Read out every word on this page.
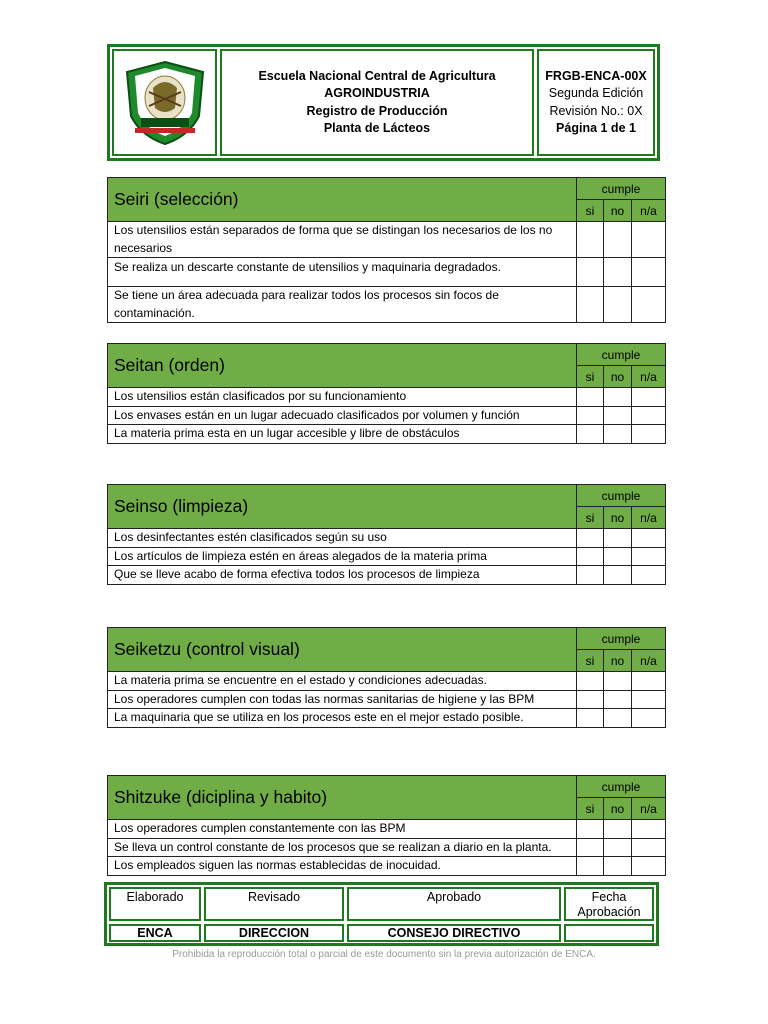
Escuela Nacional Central de Agricultura
AGROINDUSTRIA
Registro de Producción
Planta de Lácteos
FRGB-ENCA-00X
Segunda Edición
Revisión No.: 0X
Página 1 de 1
Seiri (selección)	cumple		
	si	no	n/a
Los utensilios están separados de forma que se distingan los necesarios de los no necesarios			
Se realiza un descarte constante de utensilios y maquinaria degradados.			
Se tiene un área adecuada para realizar todos los procesos sin focos de contaminación.			
Seitan (orden)	cumple		
	si	no	n/a
Los utensilios están clasificados por su funcionamiento			
Los envases están en un lugar adecuado clasificados por volumen y función			
La materia prima esta en un lugar accesible y libre de obstáculos			
Seinso (limpieza)	cumple		
	si	no	n/a
Los desinfectantes estén clasificados según su uso			
Los artículos de limpieza estén en áreas alegados de la materia prima			
Que se lleve acabo de forma efectiva todos los procesos de limpieza			
Seiketzu (control visual)	cumple		
	si	no	n/a
La materia prima se encuentre en el estado y condiciones adecuadas.			
Los operadores cumplen con todas las normas sanitarias de higiene y las BPM			
La maquinaria que se utiliza en los procesos este en el mejor estado posible.			
Shitzuke (diciplina y habito)	cumple		
	si	no	n/a
Los operadores cumplen constantemente con las BPM			
Se lleva un control constante de los procesos que se realizan a diario en la planta.			
Los empleados siguen las normas establecidas de inocuidad.			
Elaborado	Revisado	Aprobado	Fecha Aprobación
ENCA	DIRECCION	CONSEJO DIRECTIVO
Prohibida la reproducción total o parcial de este documento sin la previa autorización de ENCA.
